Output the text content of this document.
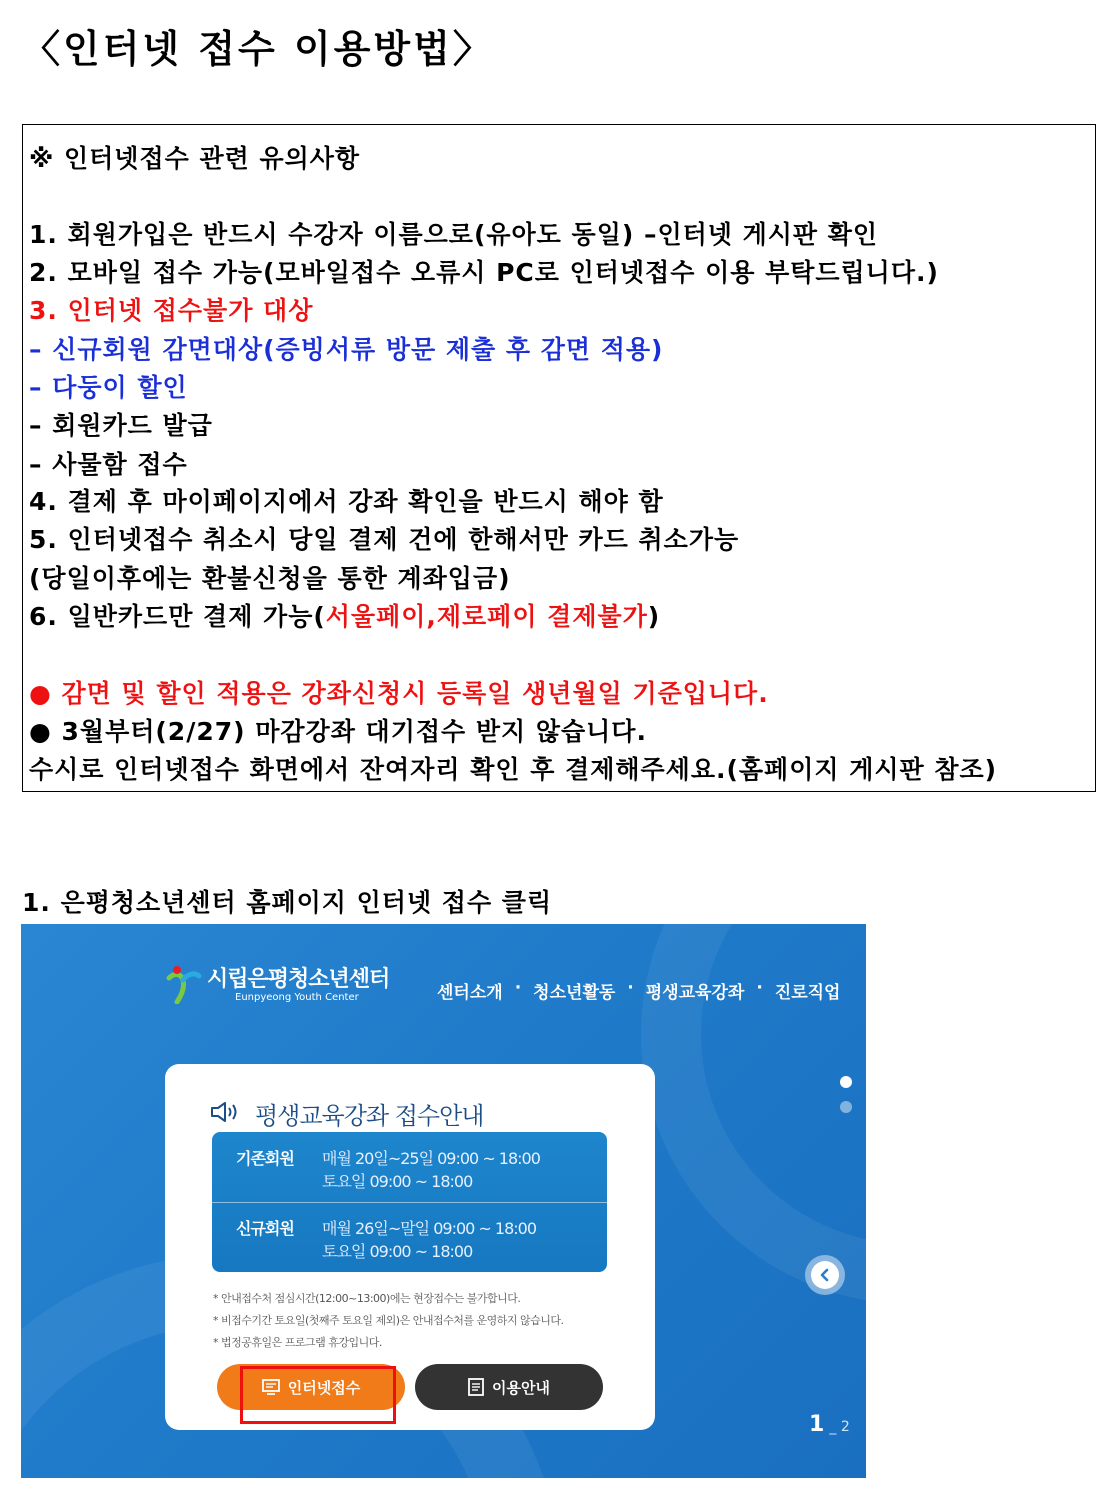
〈인터넷 접수 이용방법〉
※ 인터넷접수 관련 유의사항
1. 회원가입은 반드시 수강자 이름으로(유아도 동일) –인터넷 게시판 확인
2. 모바일 접수 가능(모바일접수 오류시 PC로 인터넷접수 이용 부탁드립니다.)
3. 인터넷 접수불가 대상
– 신규회원 감면대상(증빙서류 방문 제출 후 감면 적용)
– 다둥이 할인
– 회원카드 발급
– 사물함 접수
4. 결제 후 마이페이지에서 강좌 확인을 반드시 해야 함
5. 인터넷접수 취소시 당일 결제 건에 한해서만 카드 취소가능
(당일이후에는 환불신청을 통한 계좌입금)
6. 일반카드만 결제 가능(서울페이,제로페이 결제불가)
● 감면 및 할인 적용은 강좌신청시 등록일 생년월일 기준입니다.
● 3월부터(2/27) 마감강좌 대기접수 받지 않습니다.
수시로 인터넷접수 화면에서 잔여자리 확인 후 결제해주세요.(홈페이지 게시판 참조)
1. 은평청소년센터 홈페이지 인터넷 접수 클릭
시립은평청소년센터
Eunpyeong Youth Center	센터소개 · 청소년활동 · 평생교육강좌 · 진로직업
평생교육강좌 접수안내
기존회원 매월 20일~25일 09:00 ~ 18:00
토요일 09:00 ~ 18:00
신규회원 매월 26일~말일 09:00 ~ 18:00
토요일 09:00 ~ 18:00
* 안내접수처 점심시간(12:00~13:00)에는 현장접수는 불가합니다.
* 비접수기간 토요일(첫째주 토요일 제외)은 안내접수처를 운영하지 않습니다.
* 법정공휴일은 프로그램 휴강입니다.
인터넷접수	이용안내
1 _ 2
